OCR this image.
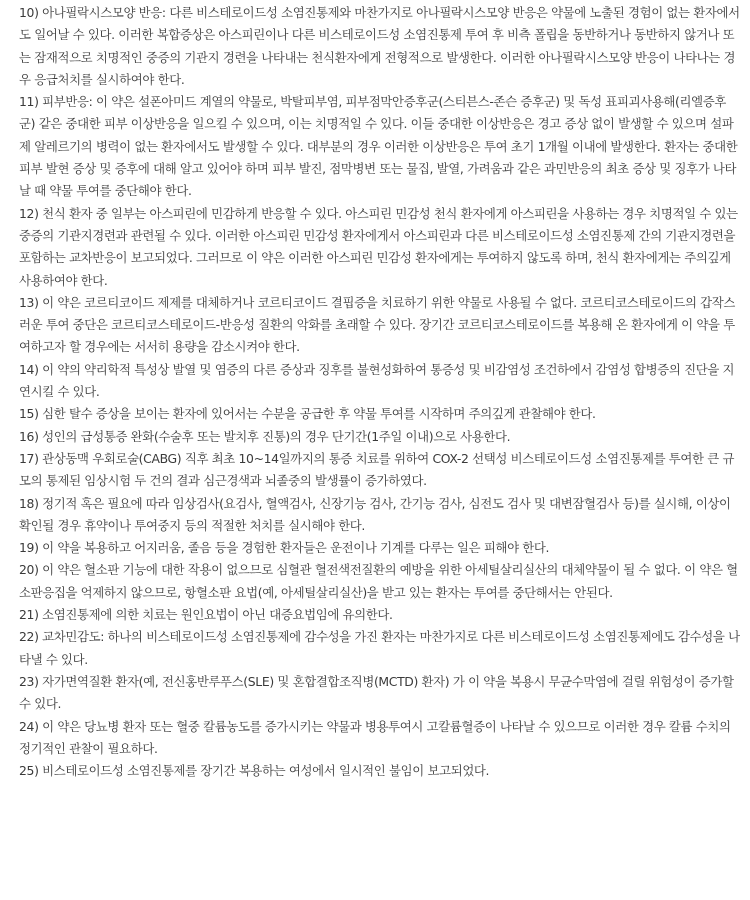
10) 아나필락시스모양 반응: 다른 비스테로이드성 소염진통제와 마찬가지로 아나필락시스모양 반응은 약물에 노출된 경험이 없는 환자에서도 일어날 수 있다. 이러한 복합증상은 아스피린이나 다른 비스테로이드성 소염진통제 투여 후 비측 폴립을 동반하거나 동반하지 않거나 또는 잠재적으로 치명적인 중증의 기관지 경련을 나타내는 천식환자에게 전형적으로 발생한다. 이러한 아나필락시스모양 반응이 나타나는 경우 응급처치를 실시하여야 한다.

11) 피부반응: 이 약은 설폰아미드 계열의 약물로, 박탈피부염, 피부점막안증후군(스티븐스-존슨 증후군) 및 독성 표피괴사용해(리엘증후군) 같은 중대한 피부 이상반응을 일으킬 수 있으며, 이는 치명적일 수 있다. 이들 중대한 이상반응은 경고 증상 없이 발생할 수 있으며 설파제 알레르기의 병력이 없는 환자에서도 발생할 수 있다. 대부분의 경우 이러한 이상반응은 투여 초기 1개월 이내에 발생한다. 환자는 중대한 피부 발현 증상 및 증후에 대해 알고 있어야 하며 피부 발진, 점막병변 또는 물집, 발열, 가려움과 같은 과민반응의 최초 증상 및 징후가 나타날 때 약물 투여를 중단해야 한다.

12) 천식 환자 중 일부는 아스피린에 민감하게 반응할 수 있다. 아스피린 민감성 천식 환자에게 아스피린을 사용하는 경우 치명적일 수 있는 중증의 기관지경련과 관련될 수 있다. 이러한 아스피린 민감성 환자에게서 아스피린과 다른 비스테로이드성 소염진통제 간의 기관지경련을 포함하는 교차반응이 보고되었다. 그러므로 이 약은 이러한 아스피린 민감성 환자에게는 투여하지 않도록 하며, 천식 환자에게는 주의깊게 사용하여야 한다.

13) 이 약은 코르티코이드 제제를 대체하거나 코르티코이드 결핍증을 치료하기 위한 약물로 사용될 수 없다. 코르티코스테로이드의 갑작스러운 투여 중단은 코르티코스테로이드-반응성 질환의 악화를 초래할 수 있다. 장기간 코르티코스테로이드를 복용해 온 환자에게 이 약을 투여하고자 할 경우에는 서서히 용량을 감소시켜야 한다.

14) 이 약의 약리학적 특성상 발열 및 염증의 다른 증상과 징후를 불현성화하여 통증성 및 비감염성 조건하에서 감염성 합병증의 진단을 지연시킬 수 있다.

15) 심한 탈수 증상을 보이는 환자에 있어서는 수분을 공급한 후 약물 투여를 시작하며 주의깊게 관찰해야 한다.

16) 성인의 급성통증 완화(수술후 또는 발치후 진통)의 경우 단기간(1주일 이내)으로 사용한다.

17) 관상동맥 우회로술(CABG) 직후 최초 10~14일까지의 통증 치료를 위하여 COX-2 선택성 비스테로이드성 소염진통제를 투여한 큰 규모의 통제된 임상시험 두 건의 결과 심근경색과 뇌졸중의 발생률이 증가하였다.

18) 정기적 혹은 필요에 따라 임상검사(요검사, 혈액검사, 신장기능 검사, 간기능 검사, 심전도 검사 및 대변잠혈검사 등)를 실시해, 이상이 확인될 경우 휴약이나 투여중지 등의 적절한 처치를 실시해야 한다.

19) 이 약을 복용하고 어지러움, 졸음 등을 경험한 환자들은 운전이나 기계를 다루는 일은 피해야 한다.

20) 이 약은 혈소판 기능에 대한 작용이 없으므로 심혈관 혈전색전질환의 예방을 위한 아세틸살리실산의 대체약물이 될 수 없다. 이 약은 혈소판응집을 억제하지 않으므로, 항혈소판 요법(예, 아세틸살리실산)을 받고 있는 환자는 투여를 중단해서는 안된다.

21) 소염진통제에 의한 치료는 원인요법이 아닌 대증요법임에 유의한다.

22) 교차민감도: 하나의 비스테로이드성 소염진통제에 감수성을 가진 환자는 마찬가지로 다른 비스테로이드성 소염진통제에도 감수성을 나타낼 수 있다.

23) 자가면역질환 환자(예, 전신홍반루푸스(SLE) 및 혼합결합조직병(MCTD) 환자) 가 이 약을 복용시 무균수막염에 걸릴 위험성이 증가할 수 있다.

24) 이 약은 당뇨병 환자 또는 혈중 칼륨농도를 증가시키는 약물과 병용투여시 고칼륨혈증이 나타날 수 있으므로 이러한 경우 칼륨 수치의 정기적인 관찰이 필요하다.

25) 비스테로이드성 소염진통제를 장기간 복용하는 여성에서 일시적인 불임이 보고되었다.
